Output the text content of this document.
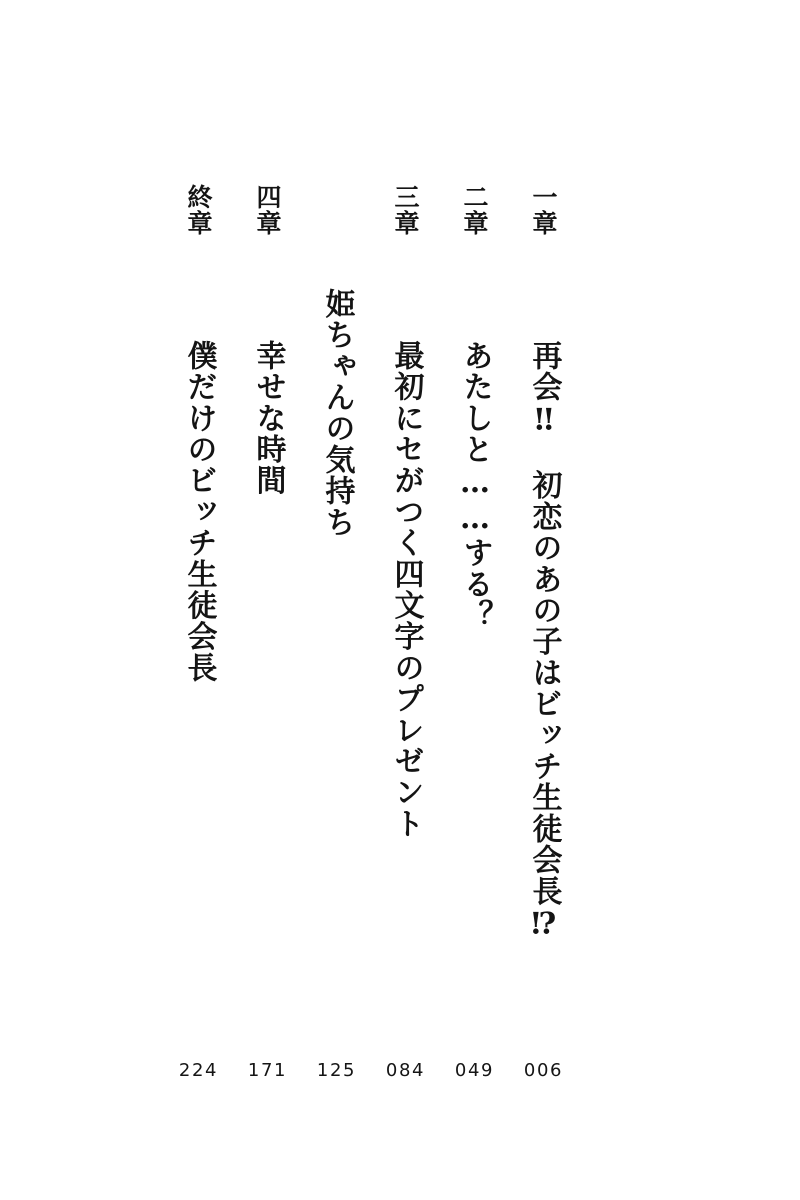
一章
再会‼　初恋のあの子はビッチ生徒会長⁉
二章
あたしと……する？
三章
最初にセがつく四文字のプレゼント
姫ちゃんの気持ち
四章
幸せな時間
終章
僕だけのビッチ生徒会長
006
049
084
125
171
224
